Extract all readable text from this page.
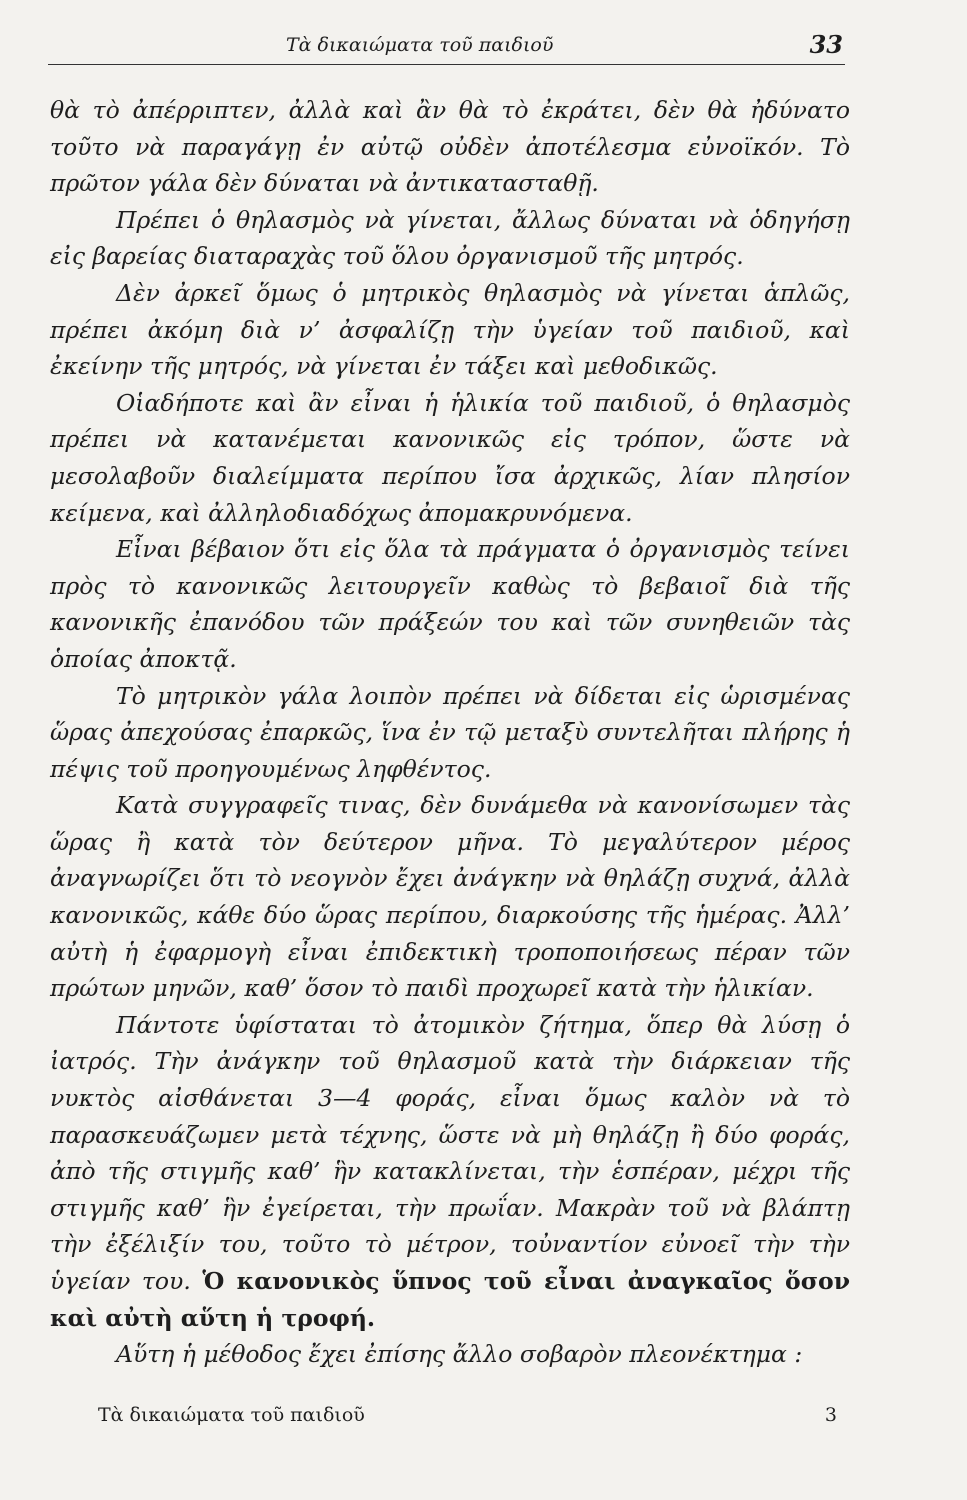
Τὰ δικαιώματα τοῦ παιδιοῦ	33

θὰ τὸ ἀπέρριπτεν, ἀλλὰ καὶ ἂν θὰ τὸ ἐκράτει, δὲν θὰ ἠδύνατο τοῦτο νὰ παραγάγῃ ἐν αὐτῷ οὐδὲν ἀποτέλεσμα εὐνοϊκόν. Τὸ πρῶτον γάλα δὲν δύναται νὰ ἀντικατασταθῇ.

Πρέπει ὁ θηλασμὸς νὰ γίνεται, ἄλλως δύναται νὰ ὁδηγήσῃ εἰς βαρείας διαταραχὰς τοῦ ὅλου ὀργανισμοῦ τῆς μητρός.

Δὲν ἀρκεῖ ὅμως ὁ μητρικὸς θηλασμὸς νὰ γίνεται ἁπλῶς, πρέπει ἀκόμη διὰ ν’ ἀσφαλίζῃ τὴν ὑγείαν τοῦ παιδιοῦ, καὶ ἐκείνην τῆς μητρός, νὰ γίνεται ἐν τάξει καὶ μεθοδικῶς.

Οἱαδήποτε καὶ ἂν εἶναι ἡ ἡλικία τοῦ παιδιοῦ, ὁ θηλασμὸς πρέπει νὰ κατανέμεται κανονικῶς εἰς τρόπον, ὥστε νὰ μεσολαβοῦν διαλείμματα περίπου ἴσα ἀρχικῶς, λίαν πλησίον κείμενα, καὶ ἀλληλοδιαδόχως ἀπομακρυνόμενα.

Εἶναι βέβαιον ὅτι εἰς ὅλα τὰ πράγματα ὁ ὀργανισμὸς τείνει πρὸς τὸ κανονικῶς λειτουργεῖν καθὼς τὸ βεβαιοῖ διὰ τῆς κανονικῆς ἐπανόδου τῶν πράξεών του καὶ τῶν συνηθειῶν τὰς ὁποίας ἀποκτᾷ.

Τὸ μητρικὸν γάλα λοιπὸν πρέπει νὰ δίδεται εἰς ὡρισμένας ὥρας ἀπεχούσας ἐπαρκῶς, ἵνα ἐν τῷ μεταξὺ συντελῆται πλήρης ἡ πέψις τοῦ προηγουμένως ληφθέντος.

Κατὰ συγγραφεῖς τινας, δὲν δυνάμεθα νὰ κανονίσωμεν τὰς ὥρας ἢ κατὰ τὸν δεύτερον μῆνα. Τὸ μεγαλύτερον μέρος ἀναγνωρίζει ὅτι τὸ νεογνὸν ἔχει ἀνάγκην νὰ θηλάζῃ συχνά, ἀλλὰ κανονικῶς, κάθε δύο ὥρας περίπου, διαρκούσης τῆς ἡμέρας. Ἀλλ’ αὐτὴ ἡ ἐφαρμογὴ εἶναι ἐπιδεκτικὴ τροποποιήσεως πέραν τῶν πρώτων μηνῶν, καθ’ ὅσον τὸ παιδὶ προχωρεῖ κατὰ τὴν ἡλικίαν.

Πάντοτε ὑφίσταται τὸ ἀτομικὸν ζήτημα, ὅπερ θὰ λύσῃ ὁ ἰατρός. Τὴν ἀνάγκην τοῦ θηλασμοῦ κατὰ τὴν διάρκειαν τῆς νυκτὸς αἰσθάνεται 3—4 φοράς, εἶναι ὅμως καλὸν νὰ τὸ παρασκευάζωμεν μετὰ τέχνης, ὥστε νὰ μὴ θηλάζῃ ἢ δύο φοράς, ἀπὸ τῆς στιγμῆς καθ’ ἣν κατακλίνεται, τὴν ἑσπέραν, μέχρι τῆς στιγμῆς καθ’ ἣν ἐγείρεται, τὴν πρωΐαν. Μακρὰν τοῦ νὰ βλάπτῃ τὴν ἐξέλιξίν του, τοῦτο τὸ μέτρον, τοὐναντίον εὐνοεῖ τὴν τὴν ὑγείαν του. Ὁ κανονικὸς ὕπνος τοῦ εἶναι ἀναγκαῖος ὅσον καὶ αὐτὴ αὕτη ἡ τροφή.

Αὕτη ἡ μέθοδος ἔχει ἐπίσης ἄλλο σοβαρὸν πλεονέκτημα :

Τὰ δικαιώματα τοῦ παιδιοῦ	3
